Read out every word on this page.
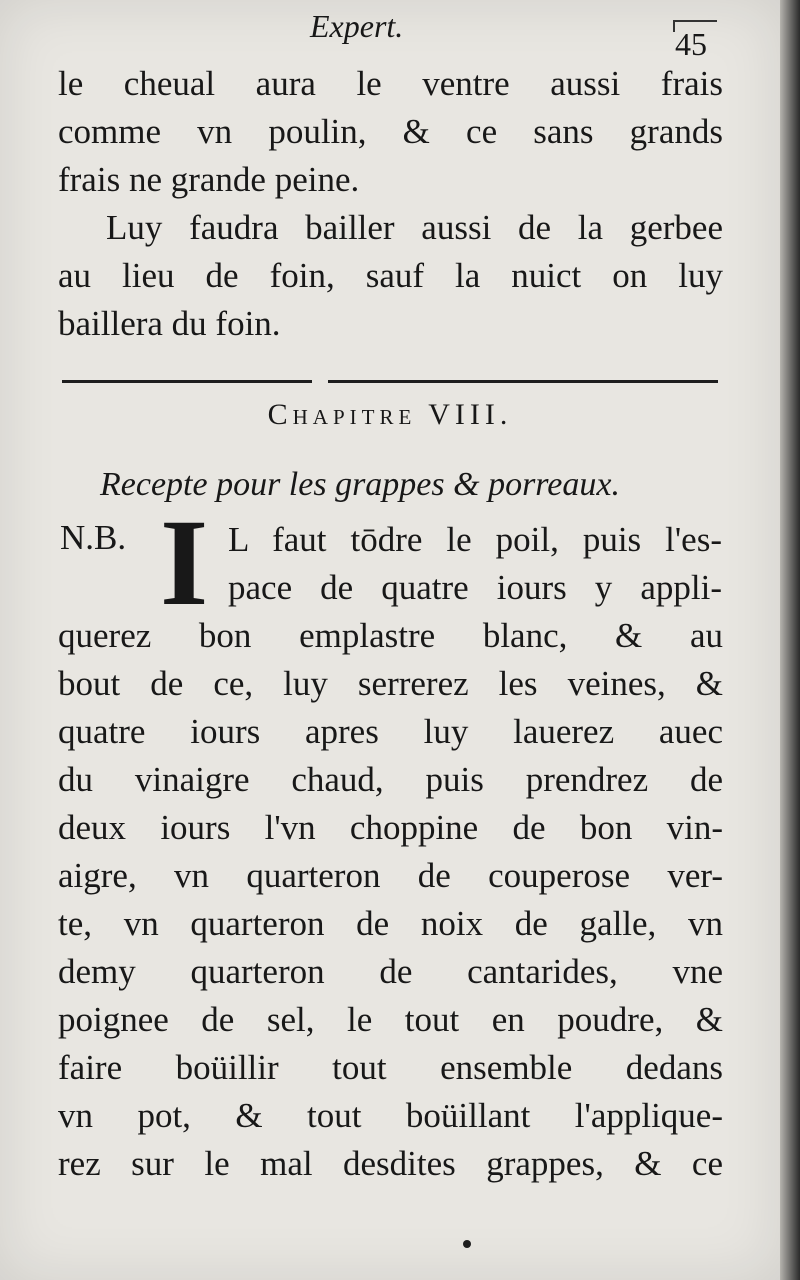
Expert.	45
le cheual aura le ventre aussi frais
comme vn poulin, & ce sans grands
frais ne grande peine.
Luy faudra bailler aussi de la gerbee
au lieu de foin, sauf la nuict on luy
baillera du foin.
Chapitre VIII.
Recepte pour les grappes & porreaux.
N.B. I L faut tōdre le poil, puis l'es-
pace de quatre iours y appli-
querez bon emplastre blanc, & au
bout de ce, luy serrerez les veines, &
quatre iours apres luy lauerez auec
du vinaigre chaud, puis prendrez de
deux iours l'vn choppine de bon vin-
aigre, vn quarteron de couperose ver-
te, vn quarteron de noix de galle, vn
demy quarteron de cantarides, vne
poignee de sel, le tout en poudre, &
faire boüillir tout ensemble dedans
vn pot, & tout boüillant l'applique-
rez sur le mal desdites grappes, & ce
